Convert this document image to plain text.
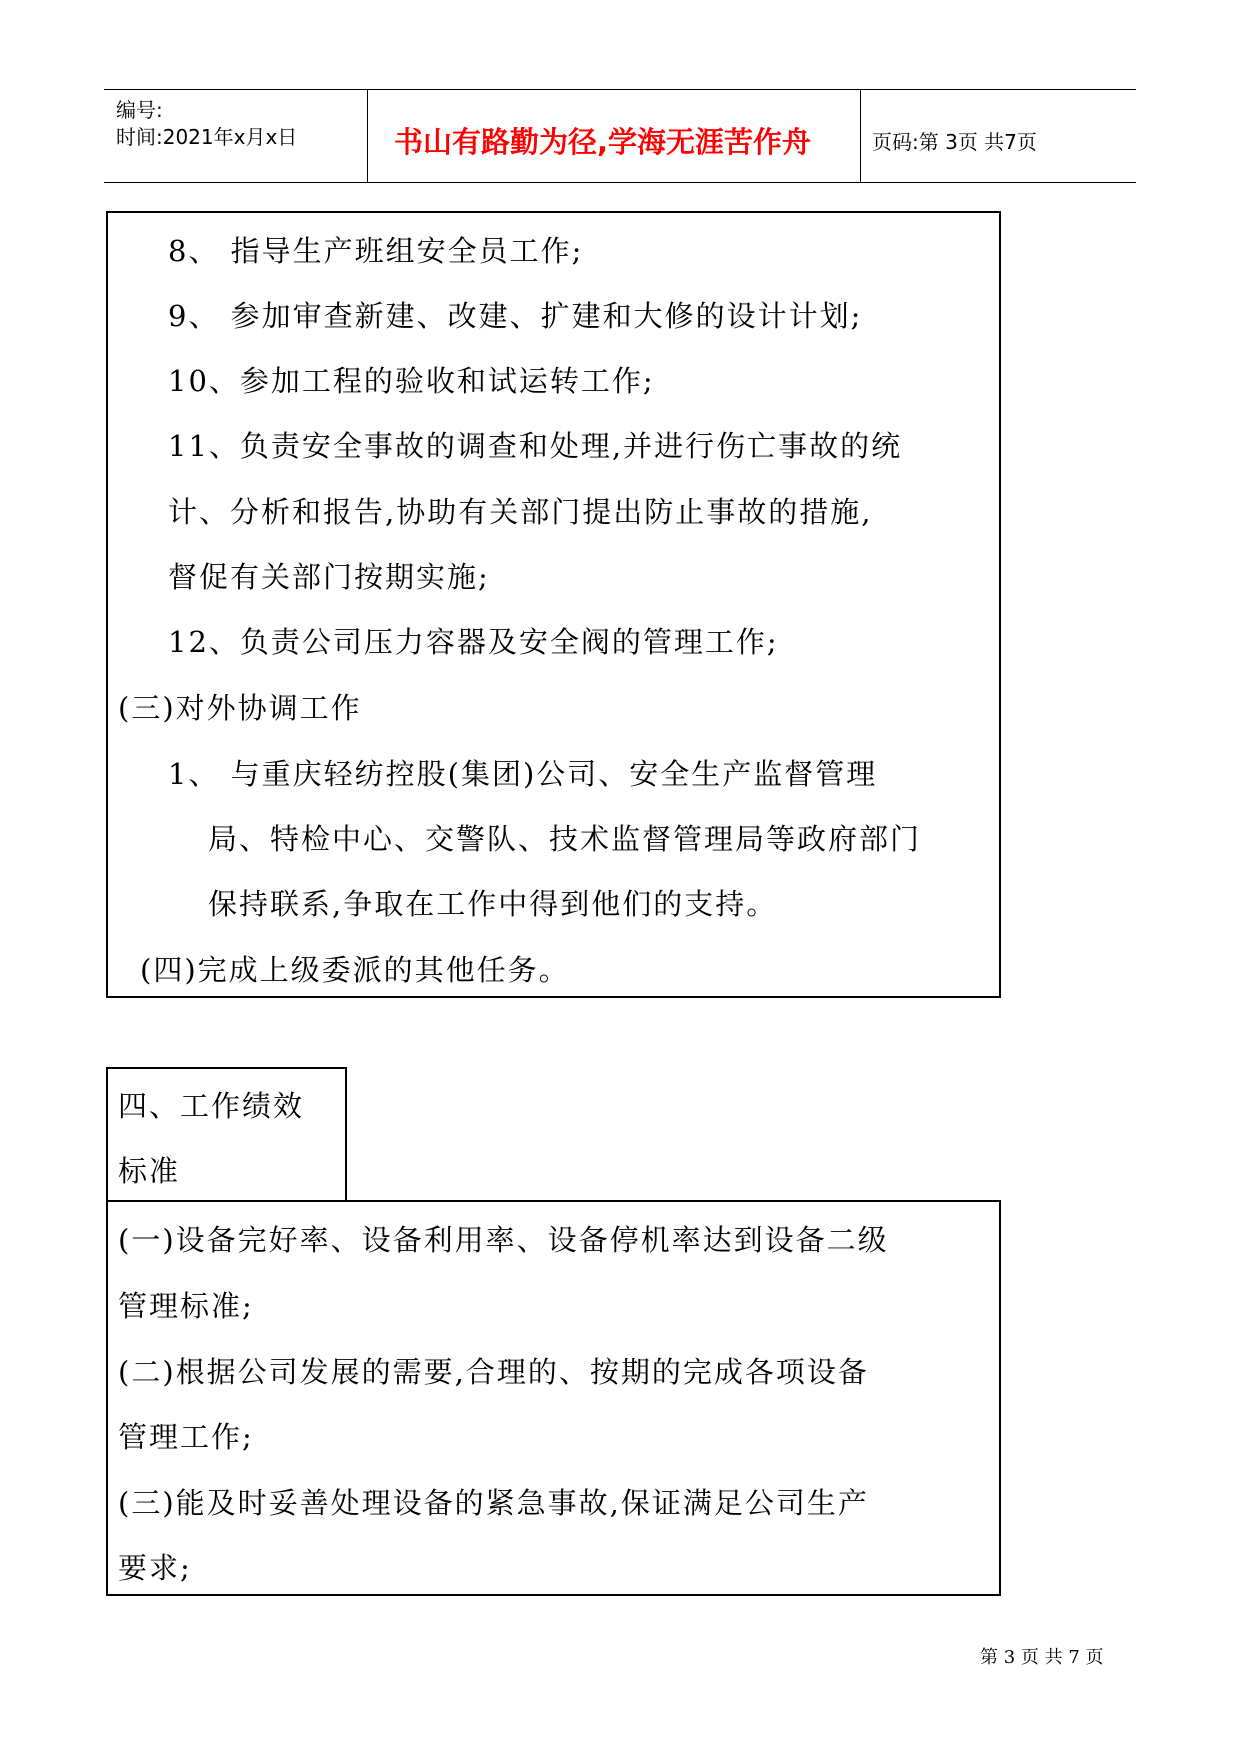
编号:
时间:2021年x月x日	书山有路勤为径,学海无涯苦作舟	页码:第 3页 共7页
8、 指导生产班组安全员工作;
9、 参加审查新建、改建、扩建和大修的设计计划;
10、参加工程的验收和试运转工作;
11、负责安全事故的调查和处理,并进行伤亡事故的统
计、分析和报告,协助有关部门提出防止事故的措施,
督促有关部门按期实施;
12、负责公司压力容器及安全阀的管理工作;
(三)对外协调工作
1、 与重庆轻纺控股(集团)公司、安全生产监督管理
局、特检中心、交警队、技术监督管理局等政府部门
保持联系,争取在工作中得到他们的支持。
(四)完成上级委派的其他任务。
四、工作绩效
标准
(一)设备完好率、设备利用率、设备停机率达到设备二级
管理标准;
(二)根据公司发展的需要,合理的、按期的完成各项设备
管理工作;
(三)能及时妥善处理设备的紧急事故,保证满足公司生产
要求;
第 3 页 共 7 页
